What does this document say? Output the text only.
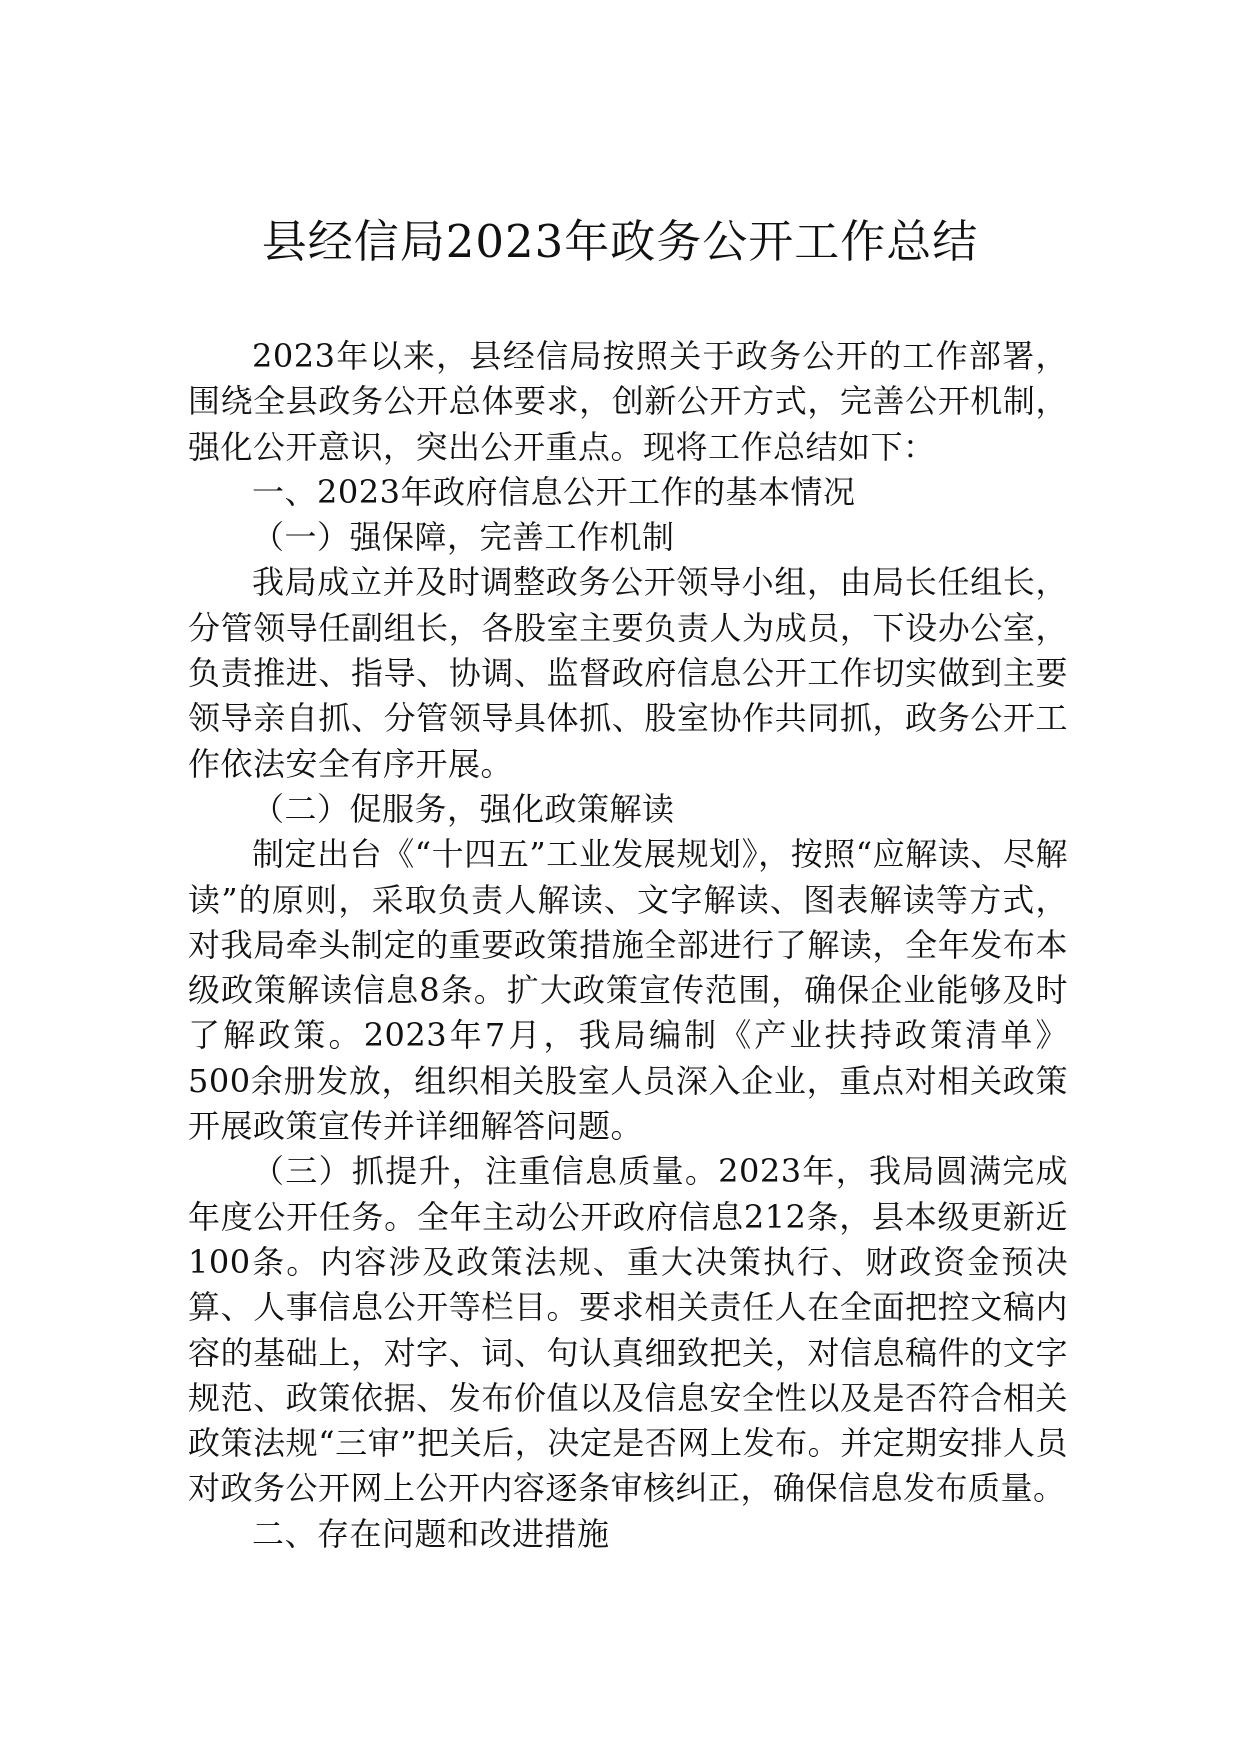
县经信局2023年政务公开工作总结

2023年以来，县经信局按照关于政务公开的工作部署，围绕全县政务公开总体要求，创新公开方式，完善公开机制，强化公开意识，突出公开重点。现将工作总结如下：

一、2023年政府信息公开工作的基本情况

（一）强保障，完善工作机制

我局成立并及时调整政务公开领导小组，由局长任组长，分管领导任副组长，各股室主要负责人为成员，下设办公室，负责推进、指导、协调、监督政府信息公开工作切实做到主要领导亲自抓、分管领导具体抓、股室协作共同抓，政务公开工作依法安全有序开展。

（二）促服务，强化政策解读

制定出台《“十四五”工业发展规划》，按照“应解读、尽解读”的原则，采取负责人解读、文字解读、图表解读等方式，对我局牵头制定的重要政策措施全部进行了解读，全年发布本级政策解读信息8条。扩大政策宣传范围，确保企业能够及时了解政策。2023年7月，我局编制《产业扶持政策清单》500余册发放，组织相关股室人员深入企业，重点对相关政策开展政策宣传并详细解答问题。

（三）抓提升，注重信息质量。2023年，我局圆满完成年度公开任务。全年主动公开政府信息212条，县本级更新近100条。内容涉及政策法规、重大决策执行、财政资金预决算、人事信息公开等栏目。要求相关责任人在全面把控文稿内容的基础上，对字、词、句认真细致把关，对信息稿件的文字规范、政策依据、发布价值以及信息安全性以及是否符合相关政策法规“三审”把关后，决定是否网上发布。并定期安排人员对政务公开网上公开内容逐条审核纠正，确保信息发布质量。

二、存在问题和改进措施
